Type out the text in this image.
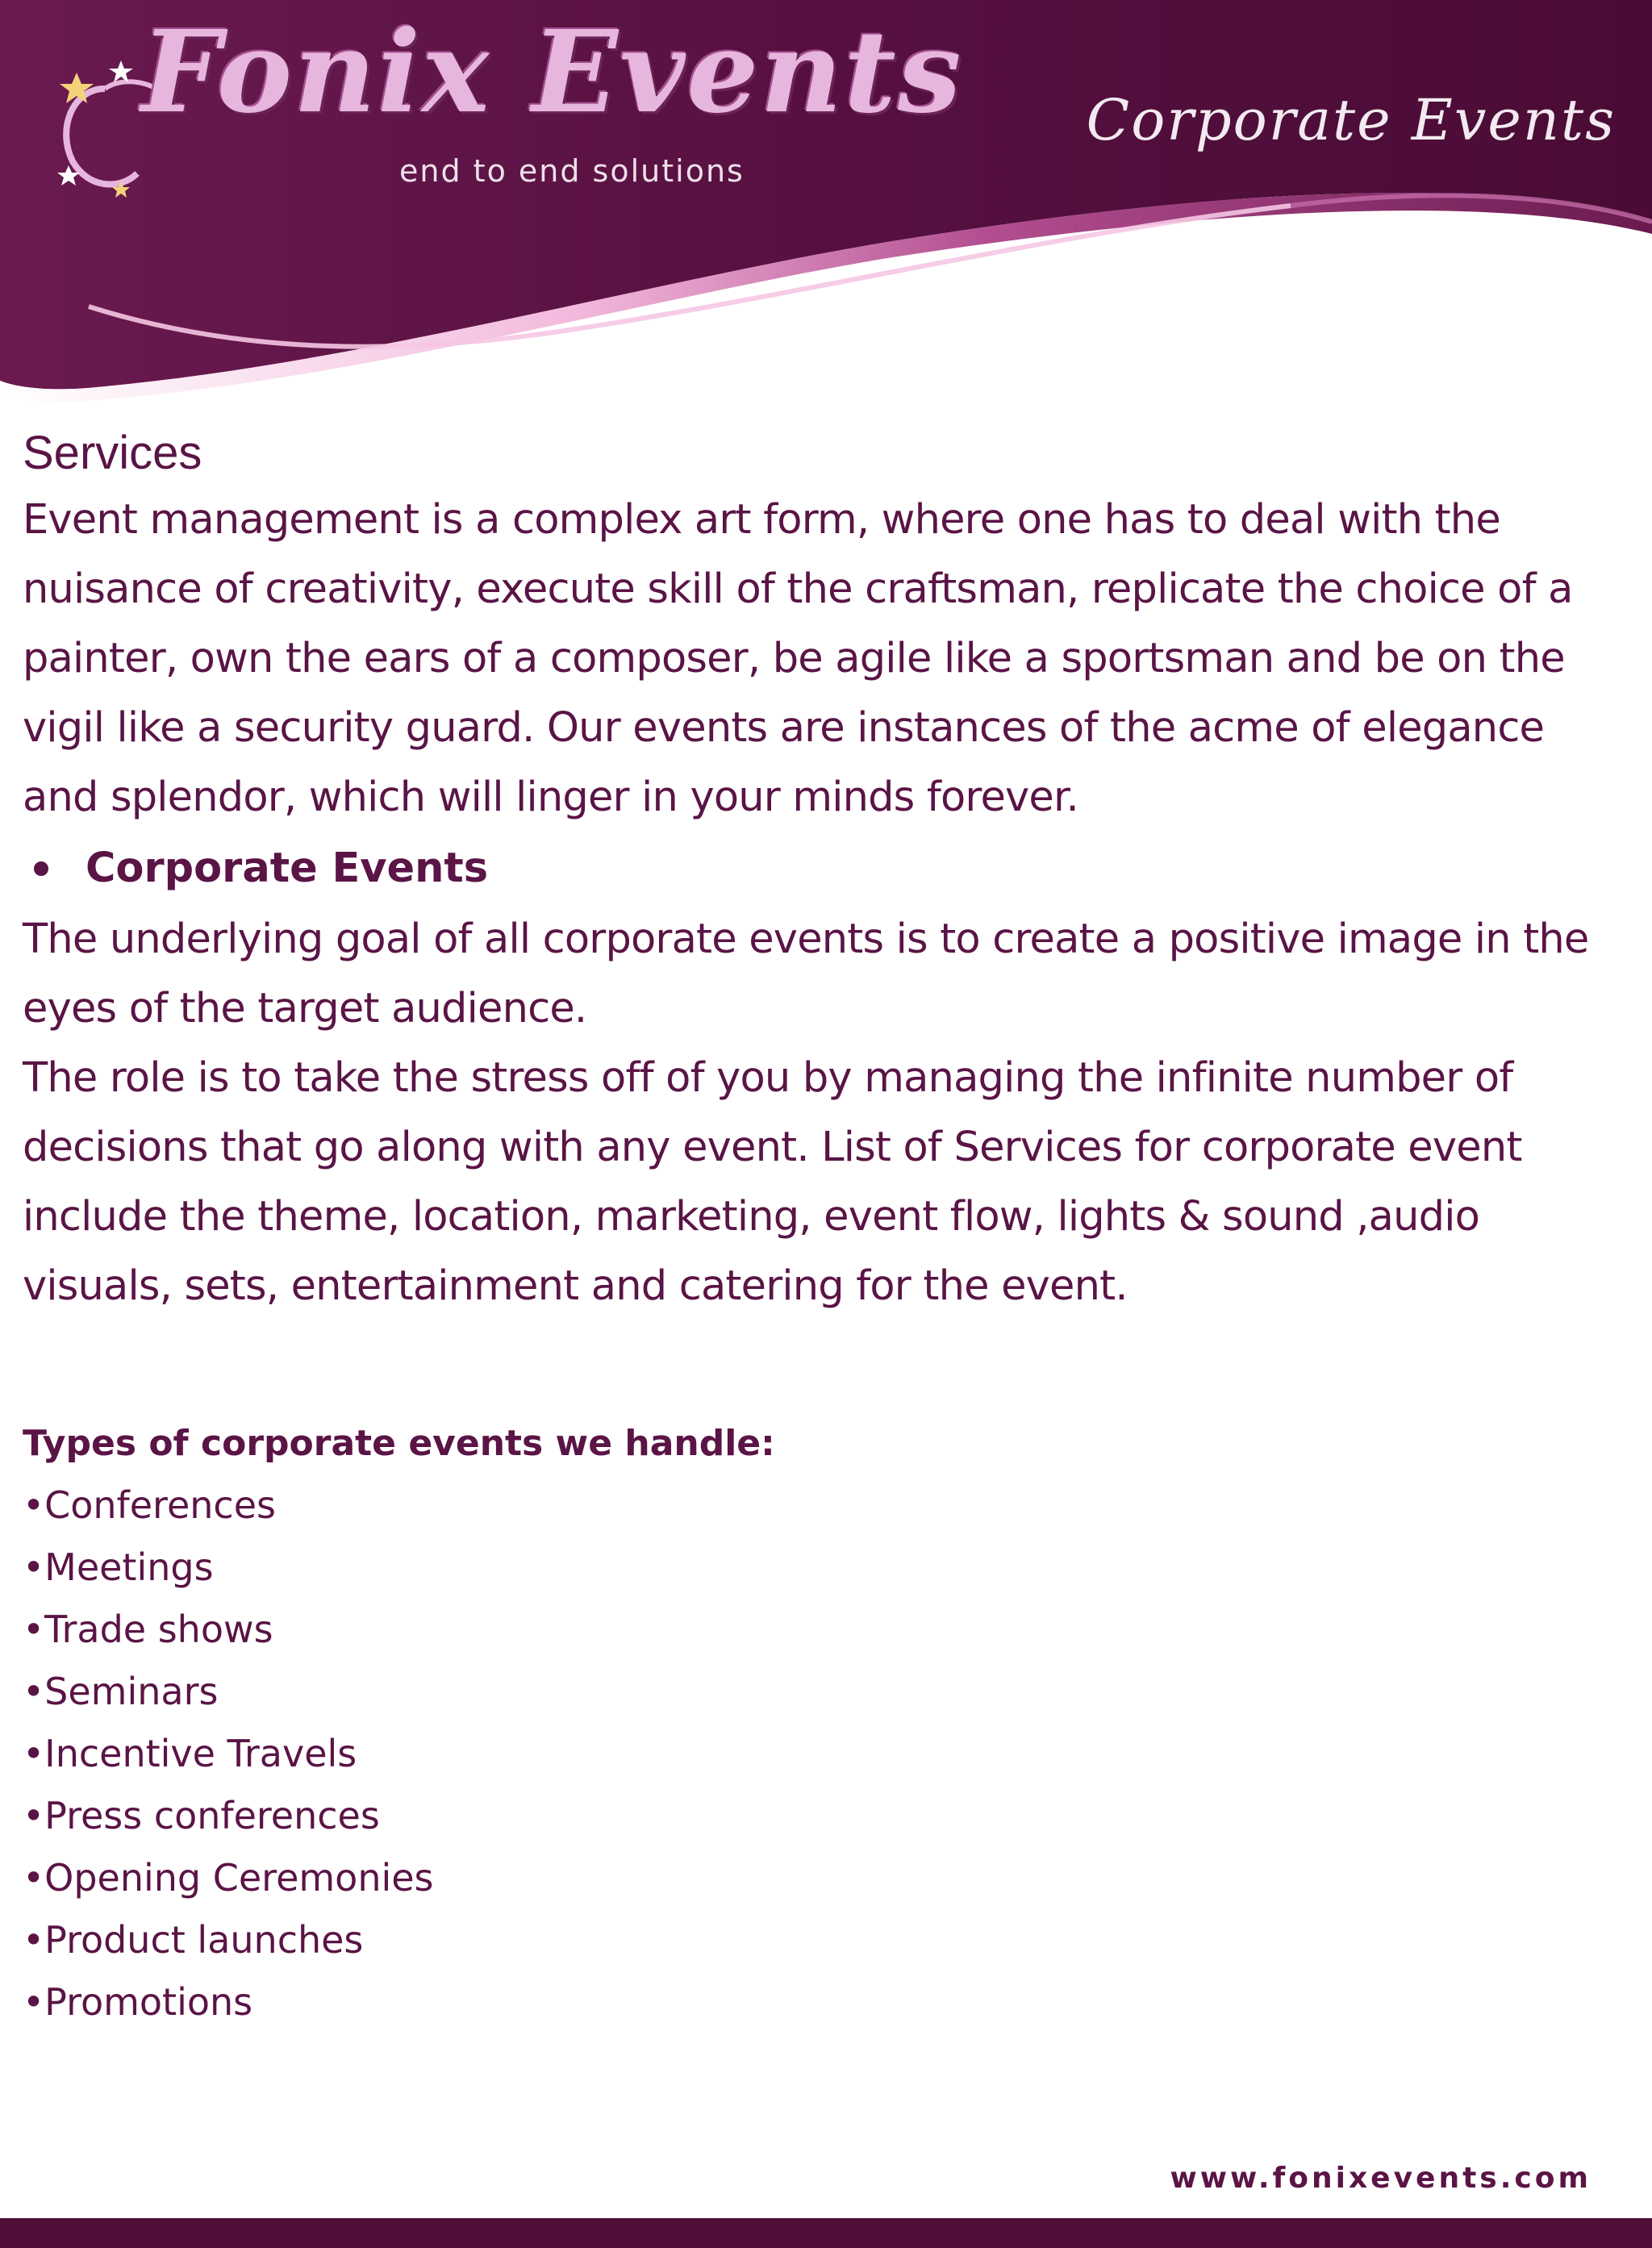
Fonix Events
end to end solutions
Corporate Events

Services

Event management is a complex art form, where one has to deal with the nuisance of creativity, execute skill of the craftsman, replicate the choice of a painter, own the ears of a composer, be agile like a sportsman and be on the vigil like a security guard. Our events are instances of the acme of elegance and splendor, which will linger in your minds forever.

Corporate Events

The underlying goal of all corporate events is to create a positive image in the eyes of the target audience.

The role is to take the stress off of you by managing the infinite number of decisions that go along with any event. List of Services for corporate event include the theme, location, marketing, event flow, lights & sound ,audio visuals, sets, entertainment and catering for the event.

Types of corporate events we handle:

•Conferences
•Meetings
•Trade shows
•Seminars
•Incentive Travels
•Press conferences
•Opening Ceremonies
•Product launches
•Promotions
www.fonixevents.com
